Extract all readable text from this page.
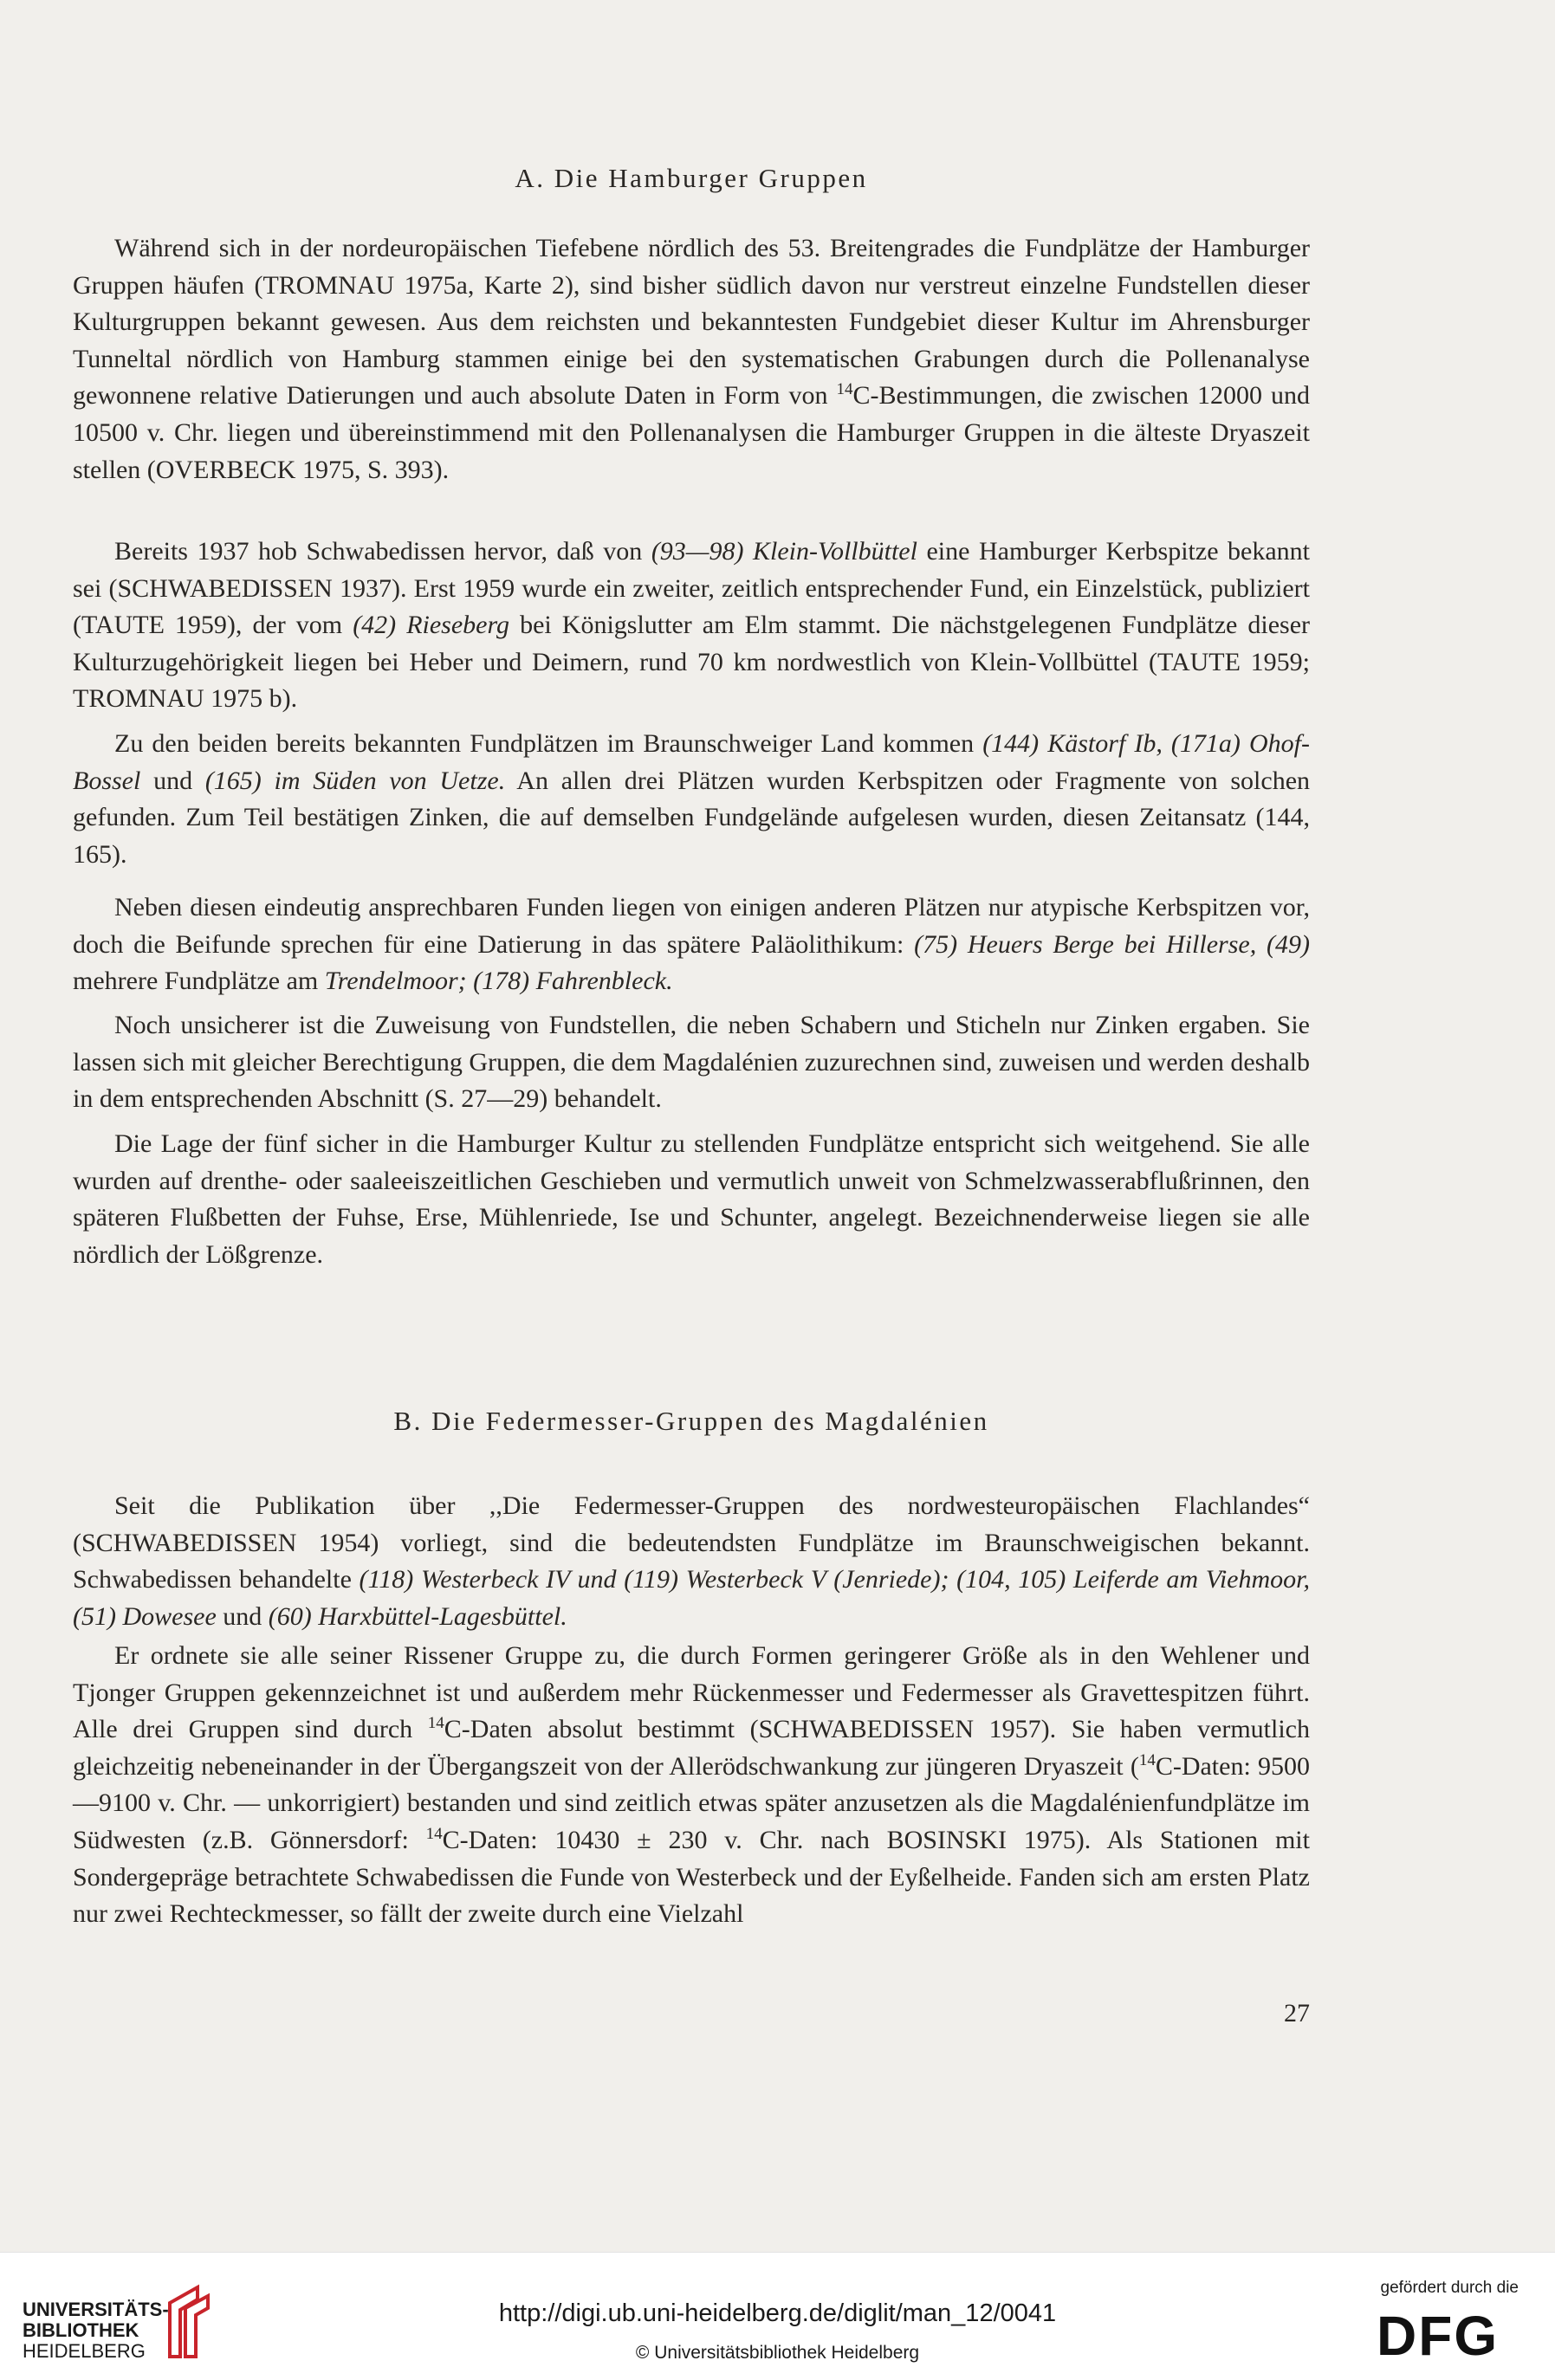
A. Die Hamburger Gruppen

Während sich in der nordeuropäischen Tiefebene nördlich des 53. Breitengrades die Fundplätze der Hamburger Gruppen häufen (TROMNAU 1975a, Karte 2), sind bisher südlich davon nur verstreut einzelne Fundstellen dieser Kulturgruppen bekannt gewesen. Aus dem reichsten und bekanntesten Fundgebiet dieser Kultur im Ahrensburger Tunneltal nördlich von Hamburg stammen einige bei den systematischen Grabungen durch die Pollenanalyse gewonnene relative Datierungen und auch absolute Daten in Form von $^{14}$C-Bestimmungen, die zwischen 12000 und 10500 v. Chr. liegen und übereinstimmend mit den Pollenanalysen die Hamburger Gruppen in die älteste Dryaszeit stellen (OVERBECK 1975, S. 393).

Bereits 1937 hob Schwabedissen hervor, daß von (93—98) Klein-Vollbüttel eine Hamburger Kerbspitze bekannt sei (SCHWABEDISSEN 1937). Erst 1959 wurde ein zweiter, zeitlich entsprechender Fund, ein Einzelstück, publiziert (TAUTE 1959), der vom (42) Rieseberg bei Königslutter am Elm stammt. Die nächstgelegenen Fundplätze dieser Kulturzugehörigkeit liegen bei Heber und Deimern, rund 70 km nordwestlich von Klein-Vollbüttel (TAUTE 1959; TROMNAU 1975 b).

Zu den beiden bereits bekannten Fundplätzen im Braunschweiger Land kommen (144) Kästorf Ib, (171a) Ohof-Bossel und (165) im Süden von Uetze. An allen drei Plätzen wurden Kerbspitzen oder Fragmente von solchen gefunden. Zum Teil bestätigen Zinken, die auf demselben Fundgelände aufgelesen wurden, diesen Zeitansatz (144, 165).

Neben diesen eindeutig ansprechbaren Funden liegen von einigen anderen Plätzen nur atypische Kerbspitzen vor, doch die Beifunde sprechen für eine Datierung in das spätere Paläolithikum: (75) Heuers Berge bei Hillerse, (49) mehrere Fundplätze am Trendelmoor; (178) Fahrenbleck.

Noch unsicherer ist die Zuweisung von Fundstellen, die neben Schabern und Sticheln nur Zinken ergaben. Sie lassen sich mit gleicher Berechtigung Gruppen, die dem Magdalénien zuzurechnen sind, zuweisen und werden deshalb in dem entsprechenden Abschnitt (S. 27—29) behandelt.

Die Lage der fünf sicher in die Hamburger Kultur zu stellenden Fundplätze entspricht sich weitgehend. Sie alle wurden auf drenthe- oder saaleeiszeitlichen Geschieben und vermutlich unweit von Schmelzwasserabflußrinnen, den späteren Flußbetten der Fuhse, Erse, Mühlenriede, Ise und Schunter, angelegt. Bezeichnenderweise liegen sie alle nördlich der Lößgrenze.

B. Die Federmesser-Gruppen des Magdalénien

Seit die Publikation über ,,Die Federmesser-Gruppen des nordwesteuropäischen Flachlandes“ (SCHWABEDISSEN 1954) vorliegt, sind die bedeutendsten Fundplätze im Braunschweigischen bekannt. Schwabedissen behandelte (118) Westerbeck IV und (119) Westerbeck V (Jenriede); (104, 105) Leiferde am Viehmoor, (51) Dowesee und (60) Harxbüttel-Lagesbüttel.

Er ordnete sie alle seiner Rissener Gruppe zu, die durch Formen geringerer Größe als in den Wehlener und Tjonger Gruppen gekennzeichnet ist und außerdem mehr Rückenmesser und Federmesser als Gravettespitzen führt. Alle drei Gruppen sind durch $^{14}$C-Daten absolut bestimmt (SCHWABEDISSEN 1957). Sie haben vermutlich gleichzeitig nebeneinander in der Übergangszeit von der Allerödschwankung zur jüngeren Dryaszeit ($^{14}$C-Daten: 9500—9100 v. Chr. — unkorrigiert) bestanden und sind zeitlich etwas später anzusetzen als die Magdalénienfundplätze im Südwesten (z.B. Gönnersdorf: $^{14}$C-Daten: 10430 ± 230 v. Chr. nach BOSINSKI 1975). Als Stationen mit Sondergepräge betrachtete Schwabedissen die Funde von Westerbeck und der Eyßelheide. Fanden sich am ersten Platz nur zwei Rechteckmesser, so fällt der zweite durch eine Vielzahl

27
UNIVERSITÄTS-
BIBLIOTHEK
HEIDELBERG
http://digi.ub.uni-heidelberg.de/diglit/man_12/0041
© Universitätsbibliothek Heidelberg
gefördert durch die
DFG
